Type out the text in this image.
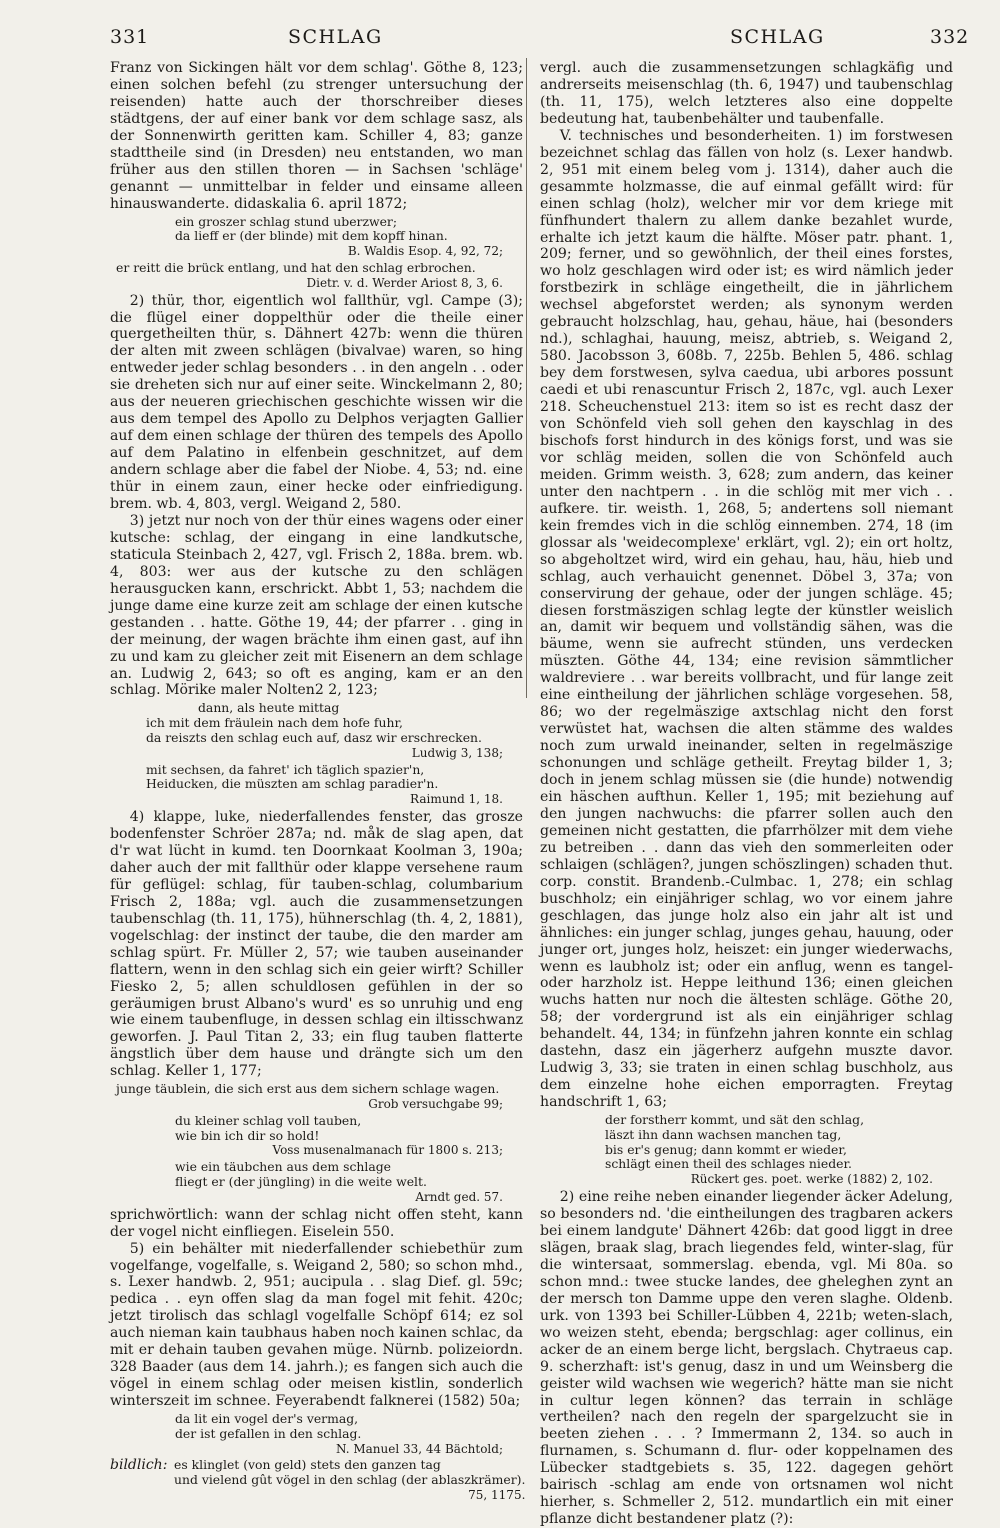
331	SCHLAG	SCHLAG	332

Franz von Sickingen hält vor dem schlag'. Göthe 8, 123; einen solchen befehl (zu strenger untersuchung der reisenden) hatte auch der thorschreiber dieses städtgens, der auf einer bank vor dem schlage sasz, als der Sonnenwirth geritten kam. Schiller 4, 83; ganze stadttheile sind (in Dresden) neu entstanden, wo man früher aus den stillen thoren — in Sachsen 'schläge' genannt — unmittelbar in felder und einsame alleen hinauswanderte. didaskalia 6. april 1872;

ein groszer schlag stund uberzwer;
da lieff er (der blinde) mit dem kopff hinan.
B. Waldis Esop. 4, 92, 72;
er reitt die brück entlang, und hat den schlag erbrochen.
Dietr. v. d. Werder Ariost 8, 3, 6.

2) thür, thor, eigentlich wol fallthür, vgl. Campe (3); die flügel einer doppelthür oder die theile einer quergetheilten thür, s. Dähnert 427b: wenn die thüren der alten mit zween schlägen (bivalvae) waren, so hing entweder jeder schlag besonders . . in den angeln . . oder sie dreheten sich nur auf einer seite. Winckelmann 2, 80; aus der neueren griechischen geschichte wissen wir die aus dem tempel des Apollo zu Delphos verjagten Gallier auf dem einen schlage der thüren des tempels des Apollo auf dem Palatino in elfenbein geschnitzet, auf dem andern schlage aber die fabel der Niobe. 4, 53; nd. eine thür in einem zaun, einer hecke oder einfriedigung. brem. wb. 4, 803, vergl. Weigand 2, 580.

3) jetzt nur noch von der thür eines wagens oder einer kutsche: schlag, der eingang in eine landkutsche, staticula Steinbach 2, 427, vgl. Frisch 2, 188a. brem. wb. 4, 803: wer aus der kutsche zu den schlägen herausgucken kann, erschrickt. Abbt 1, 53; nachdem die junge dame eine kurze zeit am schlage der einen kutsche gestanden . . hatte. Göthe 19, 44; der pfarrer . . ging in der meinung, der wagen brächte ihm einen gast, auf ihn zu und kam zu gleicher zeit mit Eisenern an dem schlage an. Ludwig 2, 643; so oft es anging, kam er an den schlag. Mörike maler Nolten2 2, 123;

dann, als heute mittag
ich mit dem fräulein nach dem hofe fuhr,
da reiszts den schlag euch auf, dasz wir erschrecken.
Ludwig 3, 138;
mit sechsen, da fahret' ich täglich spazier'n,
Heiducken, die müszten am schlag paradier'n.
Raimund 1, 18.

4) klappe, luke, niederfallendes fenster, das grosze bodenfenster Schröer 287a; nd. måk de slag apen, dat d'r wat lücht in kumd. ten Doornkaat Koolman 3, 190a; daher auch der mit fallthür oder klappe versehene raum für geflügel: schlag, für tauben-schlag, columbarium Frisch 2, 188a; vgl. auch die zusammensetzungen taubenschlag (th. 11, 175), hühnerschlag (th. 4, 2, 1881), vogelschlag: der instinct der taube, die den marder am schlag spürt. Fr. Müller 2, 57; wie tauben auseinander flattern, wenn in den schlag sich ein geier wirft? Schiller Fiesko 2, 5; allen schuldlosen gefühlen in der so geräumigen brust Albano's wurd' es so unruhig und eng wie einem taubenfluge, in dessen schlag ein iltisschwanz geworfen. J. Paul Titan 2, 33; ein flug tauben flatterte ängstlich über dem hause und drängte sich um den schlag. Keller 1, 177;

junge täublein, die sich erst aus dem sichern schlage wagen.
Grob versuchgabe 99;
du kleiner schlag voll tauben,
wie bin ich dir so hold!
Voss musenalmanach für 1800 s. 213;
wie ein täubchen aus dem schlage
fliegt er (der jüngling) in die weite welt.
Arndt ged. 57.

sprichwörtlich: wann der schlag nicht offen steht, kann der vogel nicht einfliegen. Eiselein 550.

5) ein behälter mit niederfallender schiebethür zum vogelfange, vogelfalle, s. Weigand 2, 580; so schon mhd., s. Lexer handwb. 2, 951; aucipula . . slag Dief. gl. 59c; pedica . . eyn offen slag da man fogel mit fehit. 420c; jetzt tirolisch das schlagl vogelfalle Schöpf 614; ez sol auch nieman kain taubhaus haben noch kainen schlac, da mit er dehain tauben gevahen müge. Nürnb. polizeiordn. 328 Baader (aus dem 14. jahrh.); es fangen sich auch die vögel in einem schlag oder meisen kistlin, sonderlich winterszeit im schnee. Feyerabendt falknerei (1582) 50a;

da lit ein vogel der's vermag,
der ist gefallen in den schlag.
N. Manuel 33, 44 Bächtold;
bildlich: es klinglet (von geld) stets den ganzen tag
und vielend gût vögel in den schlag (der ablaszkrämer).
75, 1175.

vergl. auch die zusammensetzungen schlagkäfig und andrerseits meisenschlag (th. 6, 1947) und taubenschlag (th. 11, 175), welch letzteres also eine doppelte bedeutung hat, taubenbehälter und taubenfalle.

V. technisches und besonderheiten. 1) im forstwesen bezeichnet schlag das fällen von holz (s. Lexer handwb. 2, 951 mit einem beleg vom j. 1314), daher auch die gesammte holzmasse, die auf einmal gefällt wird: für einen schlag (holz), welcher mir vor dem kriege mit fünfhundert thalern zu allem danke bezahlet wurde, erhalte ich jetzt kaum die hälfte. Möser patr. phant. 1, 209; ferner, und so gewöhnlich, der theil eines forstes, wo holz geschlagen wird oder ist; es wird nämlich jeder forstbezirk in schläge eingetheilt, die in jährlichem wechsel abgeforstet werden; als synonym werden gebraucht holzschlag, hau, gehau, häue, hai (besonders nd.), schlaghai, hauung, meisz, abtrieb, s. Weigand 2, 580. Jacobsson 3, 608b. 7, 225b. Behlen 5, 486. schlag bey dem forstwesen, sylva caedua, ubi arbores possunt caedi et ubi renascuntur Frisch 2, 187c, vgl. auch Lexer 218. Scheuchenstuel 213: item so ist es recht dasz der von Schönfeld vieh soll gehen den kayschlag in des bischofs forst hindurch in des königs forst, und was sie vor schläg meiden, sollen die von Schönfeld auch meiden. Grimm weisth. 3, 628; zum andern, das keiner unter den nachtpern . . in die schlög mit mer vich . . aufkere. tir. weisth. 1, 268, 5; andertens soll niemant kein fremdes vich in die schlög einnemben. 274, 18 (im glossar als 'weidecomplexe' erklärt, vgl. 2); ein ort holtz, so abgeholtzet wird, wird ein gehau, hau, häu, hieb und schlag, auch verhauicht genennet. Döbel 3, 37a; von conservirung der gehaue, oder der jungen schläge. 45; diesen forstmäszigen schlag legte der künstler weislich an, damit wir bequem und vollständig sähen, was die bäume, wenn sie aufrecht stünden, uns verdecken müszten. Göthe 44, 134; eine revision sämmtlicher waldreviere . . war bereits vollbracht, und für lange zeit eine eintheilung der jährlichen schläge vorgesehen. 58, 86; wo der regelmäszige axtschlag nicht den forst verwüstet hat, wachsen die alten stämme des waldes noch zum urwald ineinander, selten in regelmäszige schonungen und schläge getheilt. Freytag bilder 1, 3; doch in jenem schlag müssen sie (die hunde) notwendig ein häschen aufthun. Keller 1, 195; mit beziehung auf den jungen nachwuchs: die pfarrer sollen auch den gemeinen nicht gestatten, die pfarrhölzer mit dem viehe zu betreiben . . dann das vieh den sommerleiten oder schlaigen (schlägen?, jungen schöszlingen) schaden thut. corp. constit. Brandenb.-Culmbac. 1, 278; ein schlag buschholz; ein einjähriger schlag, wo vor einem jahre geschlagen, das junge holz also ein jahr alt ist und ähnliches: ein junger schlag, junges gehau, hauung, oder junger ort, junges holz, heiszet: ein junger wiederwachs, wenn es laubholz ist; oder ein anflug, wenn es tangel- oder harzholz ist. Heppe leithund 136; einen gleichen wuchs hatten nur noch die ältesten schläge. Göthe 20, 58; der vordergrund ist als ein einjähriger schlag behandelt. 44, 134; in fünfzehn jahren konnte ein schlag dastehn, dasz ein jägerherz aufgehn muszte davor. Ludwig 3, 33; sie traten in einen schlag buschholz, aus dem einzelne hohe eichen emporragten. Freytag handschrift 1, 63;

der forstherr kommt, und sät den schlag,
läszt ihn dann wachsen manchen tag,
bis er's genug; dann kommt er wieder,
schlägt einen theil des schlages nieder.
Rückert ges. poet. werke (1882) 2, 102.

2) eine reihe neben einander liegender äcker Adelung, so besonders nd. 'die eintheilungen des tragbaren ackers bei einem landgute' Dähnert 426b: dat good liggt in dree slägen, braak slag, brach liegendes feld, winter-slag, für die wintersaat, sommerslag. ebenda, vgl. Mi 80a. so schon mnd.: twee stucke landes, dee gheleghen zynt an der mersch ton Damme uppe den veren slaghe. Oldenb. urk. von 1393 bei Schiller-Lübben 4, 221b; weten-slach, wo weizen steht, ebenda; bergschlag: ager collinus, ein acker de an einem berge licht, bergslach. Chytraeus cap. 9. scherzhaft: ist's genug, dasz in und um Weinsberg die geister wild wachsen wie wegerich? hätte man sie nicht in cultur legen können? das terrain in schläge vertheilen? nach den regeln der spargelzucht sie in beeten ziehen . . . ? Immermann 2, 134. so auch in flurnamen, s. Schumann d. flur- oder koppelnamen des Lübecker stadtgebiets s. 35, 122. dagegen gehört bairisch -schlag am ende von ortsnamen wol nicht hierher, s. Schmeller 2, 512. mundartlich ein mit einer pflanze dicht bestandener platz (?):
